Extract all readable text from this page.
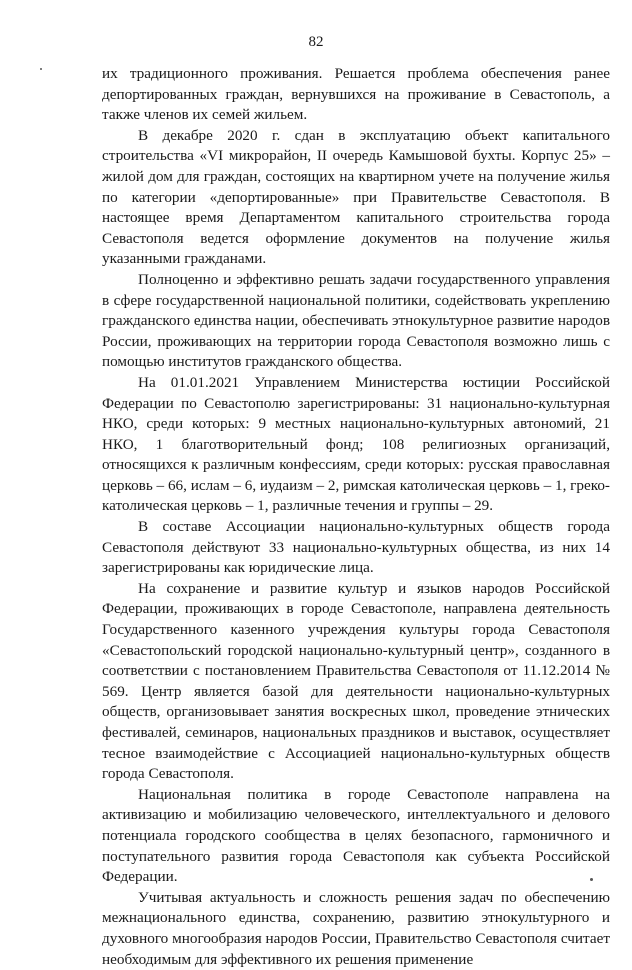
82

их традиционного проживания. Решается проблема обеспечения ранее депортированных граждан, вернувшихся на проживание в Севастополь, а также членов их семей жильем.

В декабре 2020 г. сдан в эксплуатацию объект капитального строительства «VI микрорайон, II очередь Камышовой бухты. Корпус 25» – жилой дом для граждан, состоящих на квартирном учете на получение жилья по категории «депортированные» при Правительстве Севастополя. В настоящее время Департаментом капитального строительства города Севастополя ведется оформление документов на получение жилья указанными гражданами.

Полноценно и эффективно решать задачи государственного управления в сфере государственной национальной политики, содействовать укреплению гражданского единства нации, обеспечивать этнокультурное развитие народов России, проживающих на территории города Севастополя возможно лишь с помощью институтов гражданского общества.

На 01.01.2021 Управлением Министерства юстиции Российской Федерации по Севастополю зарегистрированы: 31 национально-культурная НКО, среди которых: 9 местных национально-культурных автономий, 21 НКО, 1 благотворительный фонд; 108 религиозных организаций, относящихся к различным конфессиям, среди которых: русская православная церковь – 66, ислам – 6, иудаизм – 2, римская католическая церковь – 1, греко-католическая церковь – 1, различные течения и группы – 29.

В составе Ассоциации национально-культурных обществ города Севастополя действуют 33 национально-культурных общества, из них 14 зарегистрированы как юридические лица.

На сохранение и развитие культур и языков народов Российской Федерации, проживающих в городе Севастополе, направлена деятельность Государственного казенного учреждения культуры города Севастополя «Севастопольский городской национально-культурный центр», созданного в соответствии с постановлением Правительства Севастополя от 11.12.2014 № 569. Центр является базой для деятельности национально-культурных обществ, организовывает занятия воскресных школ, проведение этнических фестивалей, семинаров, национальных праздников и выставок, осуществляет тесное взаимодействие с Ассоциацией национально-культурных обществ города Севастополя.

Национальная политика в городе Севастополе направлена на активизацию и мобилизацию человеческого, интеллектуального и делового потенциала городского сообщества в целях безопасного, гармоничного и поступательного развития города Севастополя как субъекта Российской Федерации.

Учитывая актуальность и сложность решения задач по обеспечению межнационального единства, сохранению, развитию этнокультурного и духовного многообразия народов России, Правительство Севастополя считает необходимым для эффективного их решения применение
